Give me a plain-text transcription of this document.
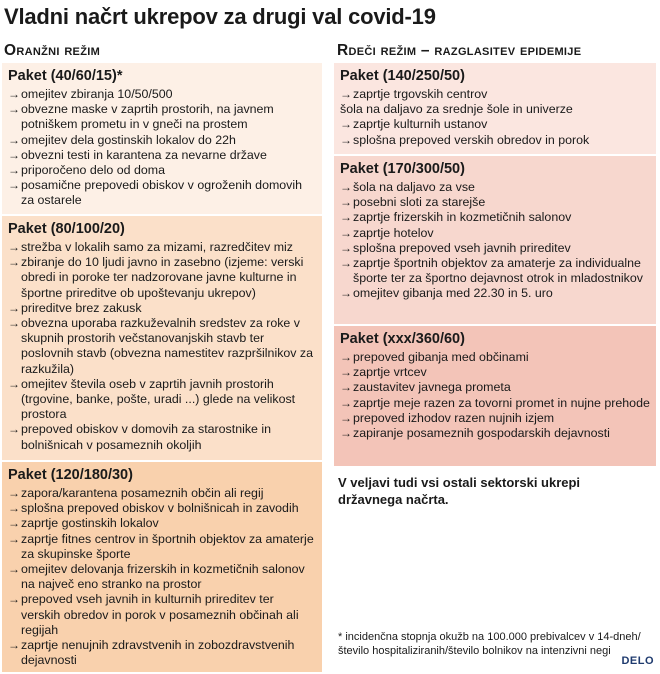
Vladni načrt ukrepov za drugi val covid-19
Oranžni režim	Rdeči režim – razglasitev epidemije
Paket (40/60/15)*
→ omejitev zbiranja 10/50/500
→ obvezne maske v zaprtih prostorih, na javnem potniškem prometu in v gneči na prostem
→ omejitev dela gostinskih lokalov do 22h
→ obvezni testi in karantena za nevarne države
→ priporočeno delo od doma
→ posamične prepovedi obiskov v ogroženih domovih za ostarele
Paket (80/100/20)
→ strežba v lokalih samo za mizami, razredčitev miz
→ zbiranje do 10 ljudi javno in zasebno (izjeme: verski obredi in poroke ter nadzorovane javne kulturne in športne prireditve ob upoštevanju ukrepov)
→ prireditve brez zakusk
→ obvezna uporaba razkuževalnih sredstev za roke v skupnih prostorih večstanovanjskih stavb ter poslovnih stavb (obvezna namestitev razpršilnikov za razkužila)
→ omejitev števila oseb v zaprtih javnih prostorih (trgovine, banke, pošte, uradi ...) glede na velikost prostora
→ prepoved obiskov v domovih za starostnike in bolnišnicah v posameznih okoljih
Paket (120/180/30)
→ zapora/karantena posameznih občin ali regij
→ splošna prepoved obiskov v bolnišnicah in zavodih
→ zaprtje gostinskih lokalov
→ zaprtje fitnes centrov in športnih objektov za amaterje za skupinske športe
→ omejitev delovanja frizerskih in kozmetičnih salonov na največ eno stranko na prostor
→ prepoved vseh javnih in kulturnih prireditev ter verskih obredov in porok v posameznih občinah ali regijah
→ zaprtje nenujnih zdravstvenih in zobozdravstvenih dejavnosti
Paket (140/250/50)
→ zaprtje trgovskih centrov
šola na daljavo za srednje šole in univerze
→ zaprtje kulturnih ustanov
→ splošna prepoved verskih obredov in porok
Paket (170/300/50)
→ šola na daljavo za vse
→ posebni sloti za starejše
→ zaprtje frizerskih in kozmetičnih salonov
→ zaprtje hotelov
→ splošna prepoved vseh javnih prireditev
→ zaprtje športnih objektov za amaterje za individualne športe ter za športno dejavnost otrok in mladostnikov
→ omejitev gibanja med 22.30 in 5. uro
Paket (xxx/360/60)
→ prepoved gibanja med občinami
→ zaprtje vrtcev
→ zaustavitev javnega prometa
→ zaprtje meje razen za tovorni promet in nujne prehode
→ prepoved izhodov razen nujnih izjem
→ zapiranje posameznih gospodarskih dejavnosti
V veljavi tudi vsi ostali sektorski ukrepi državnega načrta.
* incidenčna stopnja okužb na 100.000 prebivalcev v 14-dneh/ število hospitaliziranih/število bolnikov na intenzivni negi
DELO
